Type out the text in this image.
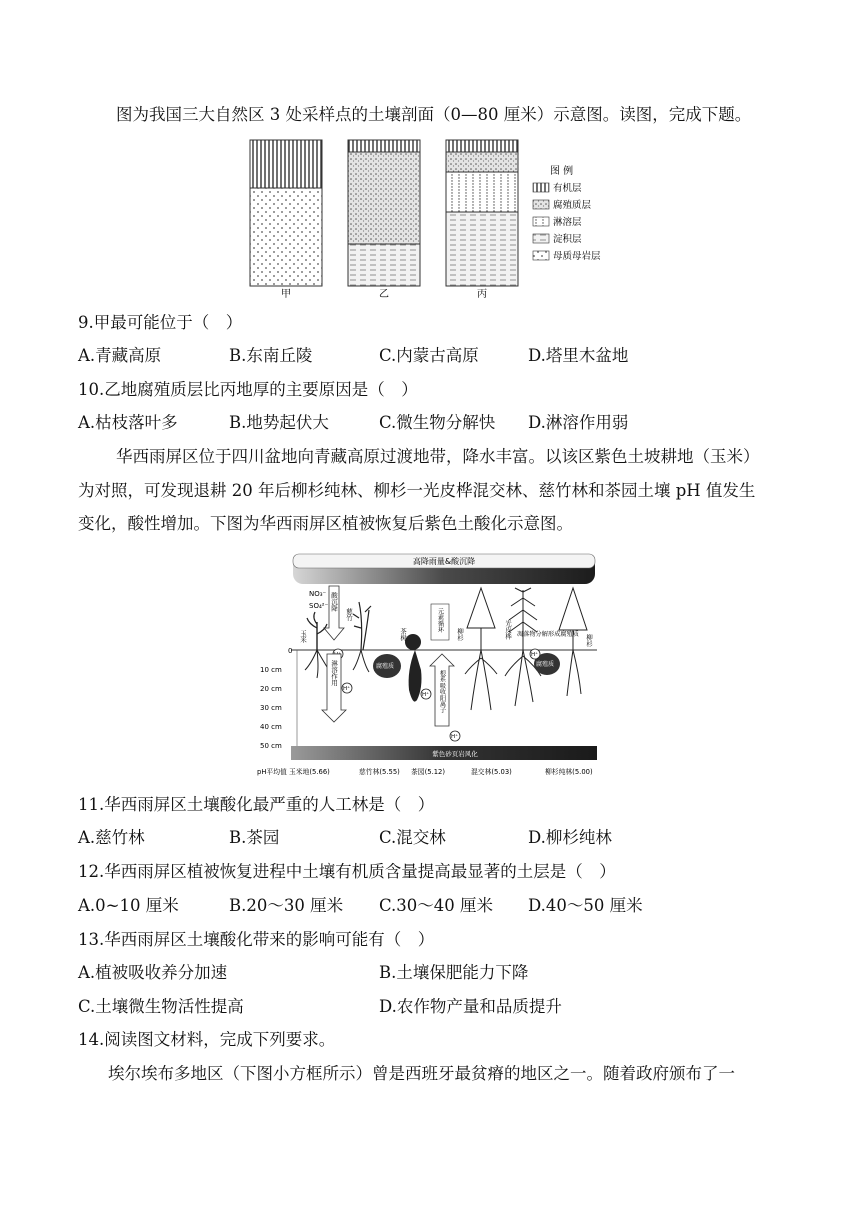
图为我国三大自然区 3 处采样点的土壤剖面（0—80 厘米）示意图。读图，完成下题。
甲	乙	丙
图 例
有机层
腐殖质层
淋溶层
淀积层
母质母岩层
9.甲最可能位于（　）
A.青藏高原	B.东南丘陵	C.内蒙古高原	D.塔里木盆地
10.乙地腐殖质层比丙地厚的主要原因是（　）
A.枯枝落叶多	B.地势起伏大	C.微生物分解快 D.淋溶作用弱
华西雨屏区位于四川盆地向青藏高原过渡地带，降水丰富。以该区紫色土坡耕地（玉米）
为对照，可发现退耕 20 年后柳杉纯林、柳杉一光皮桦混交林、慈竹林和茶园土壤 pH 值发生
变化，酸性增加。下图为华西雨屏区植被恢复后紫色土酸化示意图。
高降雨量&酸沉降
NO₃⁻
SO₄²⁻ 酸沉降
0
10 cm
20 cm
30 cm
40 cm
50 cm
玉米
慈竹
茶树	光皮桦
柳杉	柳杉
元素循环
凋落物分解形成腐殖质
腐殖质	腐殖质
淋溶作用	根系吸收阳离子
H⁺
H⁺
H⁺
H⁺
紫色砂页岩风化
pH平均值 玉米地(5.66)	慈竹林(5.55) 茶园(5.12)	混交林(5.03)	柳杉纯林(5.00)
11.华西雨屏区土壤酸化最严重的人工林是（　）
A.慈竹林	B.茶园	C.混交林	D.柳杉纯林
12.华西雨屏区植被恢复进程中土壤有机质含量提高最显著的土层是（　）
A.0~10 厘米	B.20～30 厘米 C.30～40 厘米 D.40～50 厘米
13.华西雨屏区土壤酸化带来的影响可能有（　）
A.植被吸收养分加速	B.土壤保肥能力下降
C.土壤微生物活性提高	D.农作物产量和品质提升
14.阅读图文材料，完成下列要求。
埃尔埃布多地区（下图小方框所示）曾是西班牙最贫瘠的地区之一。随着政府颁布了一
